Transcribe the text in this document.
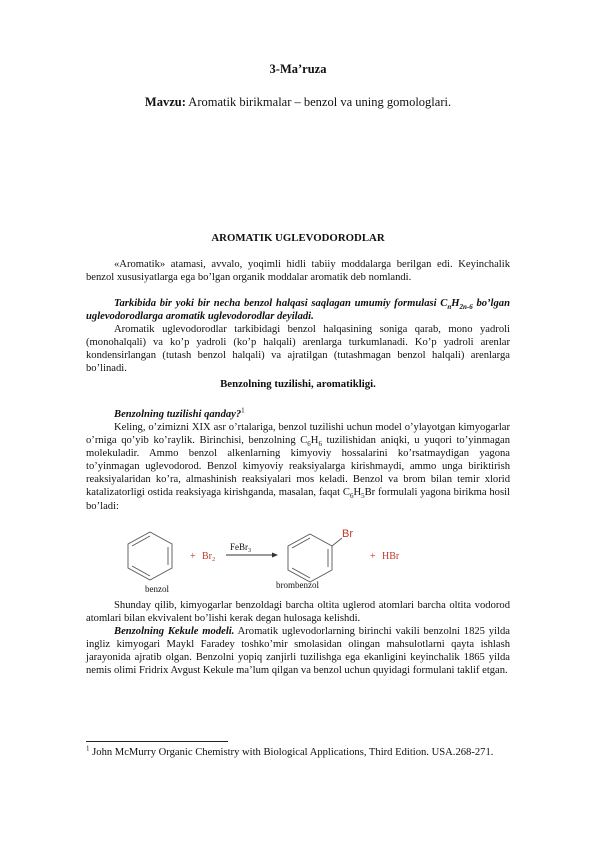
3-Ma’ruza
Mavzu: Aromatik birikmalar – benzol va uning gomologlari.
AROMATIK UGLEVODORODLAR

«Aromatik» atamasi, avvalo, yoqimli hidli tabiiy moddalarga berilgan edi. Keyinchalik benzol xususiyatlarga ega bo’lgan organik moddalar aromatik deb nomlandi.

Tarkibida bir yoki bir necha benzol halqasi saqlagan umumiy formulasi $C_nH_{2n-6}$ bo’lgan uglevodorodlarga aromatik uglevodorodlar deyiladi.

Aromatik uglevodorodlar tarkibidagi benzol halqasining soniga qarab, mono yadroli (monohalqali) va ko’p yadroli (ko’p halqali) arenlarga turkumlanadi. Ko’p yadroli arenlar kondensirlangan (tutash benzol halqali) va ajratilgan (tutashmagan benzol halqali) arenlarga bo’linadi.

Benzolning tuzilishi, aromatikligi.

Benzolning tuzilishi qanday?$^1$

Keling, o’zimizni XIX asr o’rtalariga, benzol tuzilishi uchun model o’ylayotgan kimyogarlar o’rniga qo’yib ko’raylik. Birinchisi, benzolning $C_6H_6$ tuzilishidan aniqki, u yuqori to’yinmagan molekuladir. Ammo benzol alkenlarning kimyoviy hossalarini ko’rsatmaydigan yagona to’yinmagan uglevodorod. Benzol kimyoviy reaksiyalarga kirishmaydi, ammo unga biriktirish reaksiyalaridan ko’ra, almashinish reaksiyalari mos keladi. Benzol va brom bilan temir xlorid katalizatorligi ostida reaksiyaga kirishganda, masalan, faqat $C_6H_5Br$ formulali yagona birikma hosil bo’ladi:

+ $Br_2$
FeBr$_3$
Br
+ HBr
benzol	brombenzol

Shunday qilib, kimyogarlar benzoldagi barcha oltita uglerod atomlari barcha oltita vodorod atomlari bilan ekvivalent bo’lishi kerak degan hulosaga kelishdi.

Benzolning Kekule modeli. Aromatik uglevodorlarning birinchi vakili benzolni 1825 yilda ingliz kimyogari Maykl Faradey toshko’mir smolasidan olingan mahsulotlarni qayta ishlash jarayonida ajratib olgan. Benzolni yopiq zanjirli tuzilishga ega ekanligini keyinchalik 1865 yilda nemis olimi Fridrix Avgust Kekule ma’lum qilgan va benzol uchun quyidagi formulani taklif etgan.

$^1$ John McMurry Organic Chemistry with Biological Applications, Third Edition. USA.268-271.
